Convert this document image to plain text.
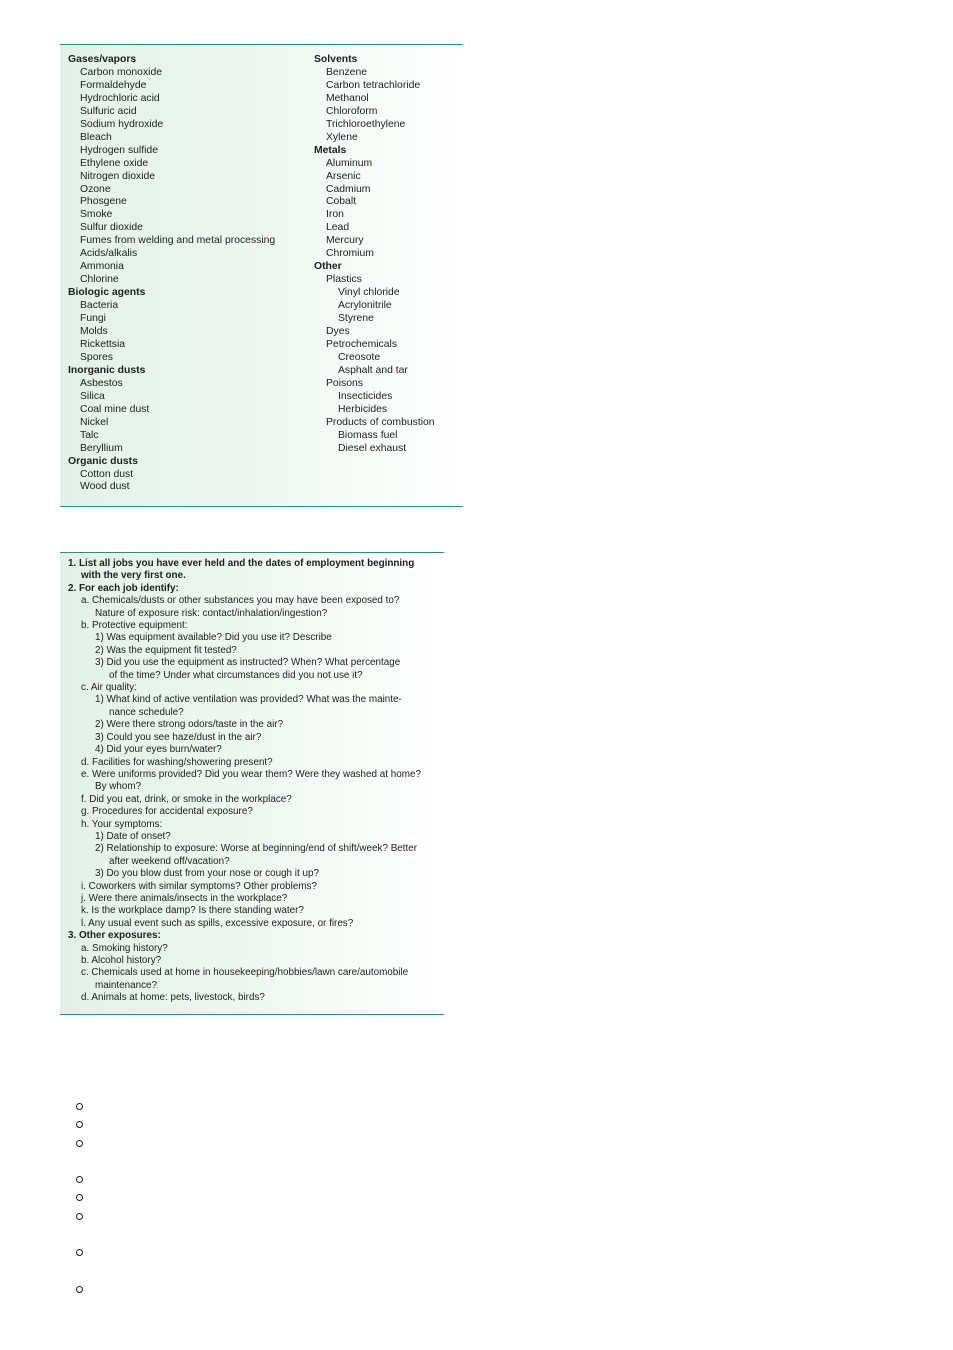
Gases/vapors
Carbon monoxide
Formaldehyde
Hydrochloric acid
Sulfuric acid
Sodium hydroxide
Bleach
Hydrogen sulfide
Ethylene oxide
Nitrogen dioxide
Ozone
Phosgene
Smoke
Sulfur dioxide
Fumes from welding and metal processing
Acids/alkalis
Ammonia
Chlorine
Biologic agents
Bacteria
Fungi
Molds
Rickettsia
Spores
Inorganic dusts
Asbestos
Silica
Coal mine dust
Nickel
Talc
Beryllium
Organic dusts
Cotton dust
Wood dust
Solvents
Benzene
Carbon tetrachloride
Methanol
Chloroform
Trichloroethylene
Xylene
Metals
Aluminum
Arsenic
Cadmium
Cobalt
Iron
Lead
Mercury
Chromium
Other
Plastics
Vinyl chloride
Acrylonitrile
Styrene
Dyes
Petrochemicals
Creosote
Asphalt and tar
Poisons
Insecticides
Herbicides
Products of combustion
Biomass fuel
Diesel exhaust
1. List all jobs you have ever held and the dates of employment beginning
with the very first one.
2. For each job identify:
a. Chemicals/dusts or other substances you may have been exposed to?
Nature of exposure risk: contact/inhalation/ingestion?
b. Protective equipment:
1) Was equipment available? Did you use it? Describe
2) Was the equipment fit tested?
3) Did you use the equipment as instructed? When? What percentage
of the time? Under what circumstances did you not use it?
c. Air quality:
1) What kind of active ventilation was provided? What was the mainte-
nance schedule?
2) Were there strong odors/taste in the air?
3) Could you see haze/dust in the air?
4) Did your eyes burn/water?
d. Facilities for washing/showering present?
e. Were uniforms provided? Did you wear them? Were they washed at home?
By whom?
f. Did you eat, drink, or smoke in the workplace?
g. Procedures for accidental exposure?
h. Your symptoms:
1) Date of onset?
2) Relationship to exposure: Worse at beginning/end of shift/week? Better
after weekend off/vacation?
3) Do you blow dust from your nose or cough it up?
i. Coworkers with similar symptoms? Other problems?
j. Were there animals/insects in the workplace?
k. Is the workplace damp? Is there standing water?
l. Any usual event such as spills, excessive exposure, or fires?
3. Other exposures:
a. Smoking history?
b. Alcohol history?
c. Chemicals used at home in housekeeping/hobbies/lawn care/automobile
maintenance?
d. Animals at home: pets, livestock, birds?
